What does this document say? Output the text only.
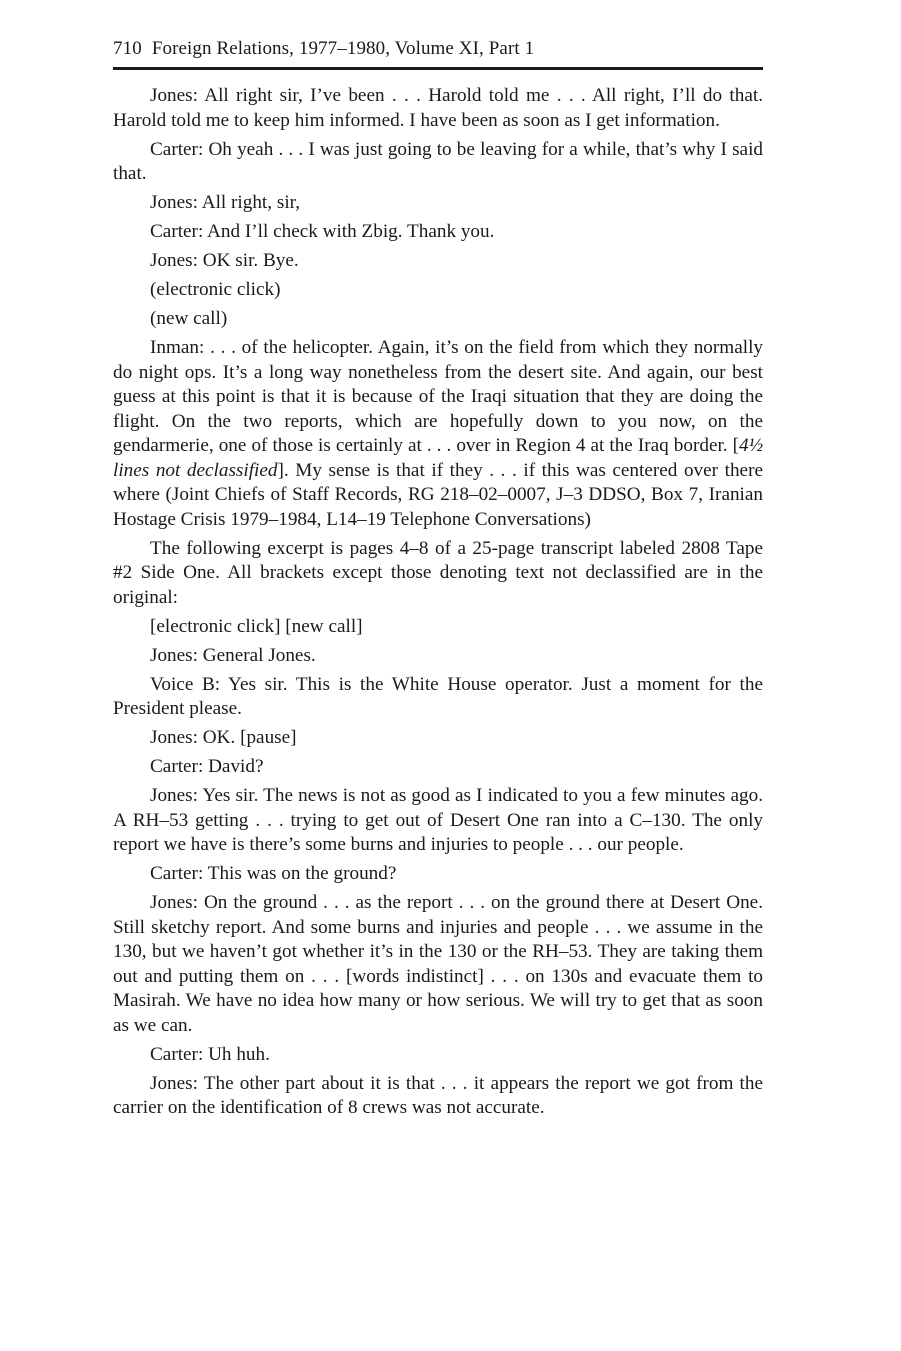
710 Foreign Relations, 1977–1980, Volume XI, Part 1

Jones: All right sir, I’ve been . . . Harold told me . . . All right, I’ll do that. Harold told me to keep him informed. I have been as soon as I get information.

Carter: Oh yeah . . . I was just going to be leaving for a while, that’s why I said that.

Jones: All right, sir,

Carter: And I’ll check with Zbig. Thank you.

Jones: OK sir. Bye.

(electronic click)

(new call)

Inman: . . . of the helicopter. Again, it’s on the field from which they normally do night ops. It’s a long way nonetheless from the desert site. And again, our best guess at this point is that it is because of the Iraqi situation that they are doing the flight. On the two reports, which are hopefully down to you now, on the gendarmerie, one of those is certainly at . . . over in Region 4 at the Iraq border. [4½ lines not declassified]. My sense is that if they . . . if this was centered over there where (Joint Chiefs of Staff Records, RG 218–02–0007, J–3 DDSO, Box 7, Iranian Hostage Crisis 1979–1984, L14–19 Telephone Conversations)

The following excerpt is pages 4–8 of a 25-page transcript labeled 2808 Tape #2 Side One. All brackets except those denoting text not declassified are in the original:

[electronic click] [new call]

Jones: General Jones.

Voice B: Yes sir. This is the White House operator. Just a moment for the President please.

Jones: OK. [pause]

Carter: David?

Jones: Yes sir. The news is not as good as I indicated to you a few minutes ago. A RH–53 getting . . . trying to get out of Desert One ran into a C–130. The only report we have is there’s some burns and injuries to people . . . our people.

Carter: This was on the ground?

Jones: On the ground . . . as the report . . . on the ground there at Desert One. Still sketchy report. And some burns and injuries and people . . . we assume in the 130, but we haven’t got whether it’s in the 130 or the RH–53. They are taking them out and putting them on . . . [words indistinct] . . . on 130s and evacuate them to Masirah. We have no idea how many or how serious. We will try to get that as soon as we can.

Carter: Uh huh.

Jones: The other part about it is that . . . it appears the report we got from the carrier on the identification of 8 crews was not accurate.
